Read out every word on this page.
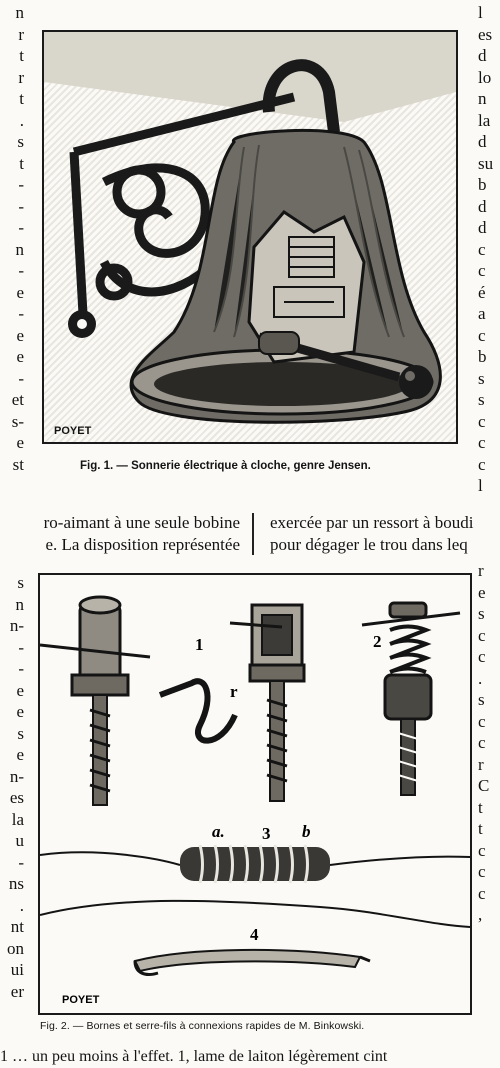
n
r
t
r
t
.
s
t
-
-
-
n
-
e
-
e
e
-
et
s-
e
st
l
es
d
lo
n
la
d
su
b
d
d
c
c
é
a
c
b
s
s
c
c
c
l
POYET
Fig. 1. — Sonnerie électrique à cloche, genre Jensen.
ro-aimant à une seule bobine
e. La disposition représentée
exercée par un ressort à boudi
pour dégager le trou dans leq
s
n
n-
-
-
e
e
s
e
n-
es
la
u
-
ns
.
nt
on
ui
er
r
e
s
c
c
.
s
c
c
r
C
t
t
c
c
c
,
1	2
r
a. 3 b
4
POYET
Fig. 2. — Bornes et serre-fils à connexions rapides de M. Binkowski.
1 … un peu moins à l'effet. 1, lame de laiton légèrement cint
